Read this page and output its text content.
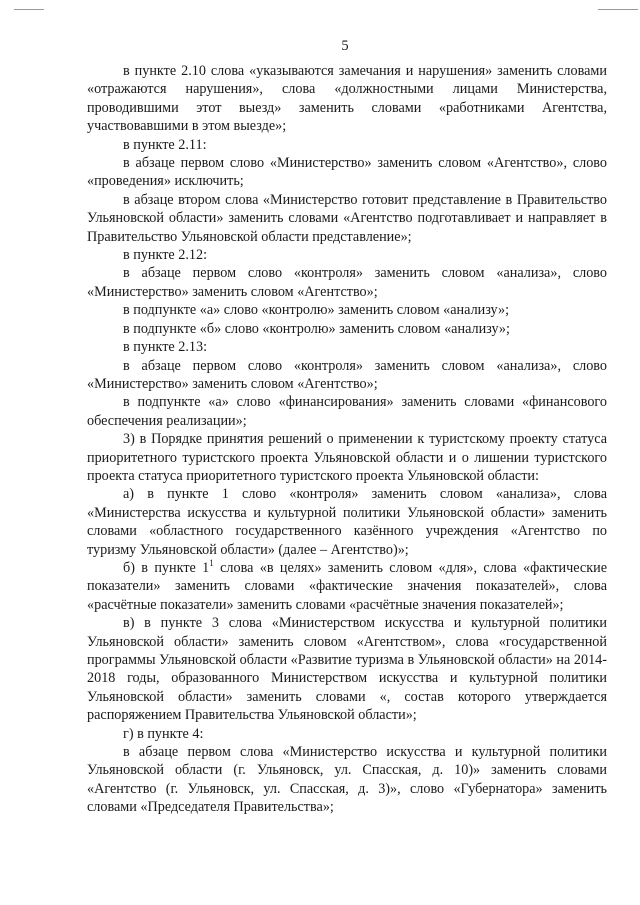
5

в пункте 2.10 слова «указываются замечания и нарушения» заменить словами «отражаются нарушения», слова «должностными лицами Министерства, проводившими этот выезд» заменить словами «работниками Агентства, участвовавшими в этом выезде»;

в пункте 2.11:

в абзаце первом слово «Министерство» заменить словом «Агентство», слово «проведения» исключить;

в абзаце втором слова «Министерство готовит представление в Правительство Ульяновской области» заменить словами «Агентство подготавливает и направляет в Правительство Ульяновской области представление»;

в пункте 2.12:

в абзаце первом слово «контроля» заменить словом «анализа», слово «Министерство» заменить словом «Агентство»;

в подпункте «а» слово «контролю» заменить словом «анализу»;

в подпункте «б» слово «контролю» заменить словом «анализу»;

в пункте 2.13:

в абзаце первом слово «контроля» заменить словом «анализа», слово «Министерство» заменить словом «Агентство»;

в подпункте «а» слово «финансирования» заменить словами «финансового обеспечения реализации»;

3) в Порядке принятия решений о применении к туристскому проекту статуса приоритетного туристского проекта Ульяновской области и о лишении туристского проекта статуса приоритетного туристского проекта Ульяновской области:

а) в пункте 1 слово «контроля» заменить словом «анализа», слова «Министерства искусства и культурной политики Ульяновской области» заменить словами «областного государственного казённого учреждения «Агентство по туризму Ульяновской области» (далее – Агентство)»;

б) в пункте $1^1$ слова «в целях» заменить словом «для», слова «фактические показатели» заменить словами «фактические значения показателей», слова «расчётные показатели» заменить словами «расчётные значения показателей»;

в) в пункте 3 слова «Министерством искусства и культурной политики Ульяновской области» заменить словом «Агентством», слова «государственной программы Ульяновской области «Развитие туризма в Ульяновской области» на 2014-2018 годы, образованного Министерством искусства и культурной политики Ульяновской области» заменить словами «, состав которого утверждается распоряжением Правительства Ульяновской области»;

г) в пункте 4:

в абзаце первом слова «Министерство искусства и культурной политики Ульяновской области (г. Ульяновск, ул. Спасская, д. 10)» заменить словами «Агентство (г. Ульяновск, ул. Спасская, д. 3)», слово «Губернатора» заменить словами «Председателя Правительства»;
